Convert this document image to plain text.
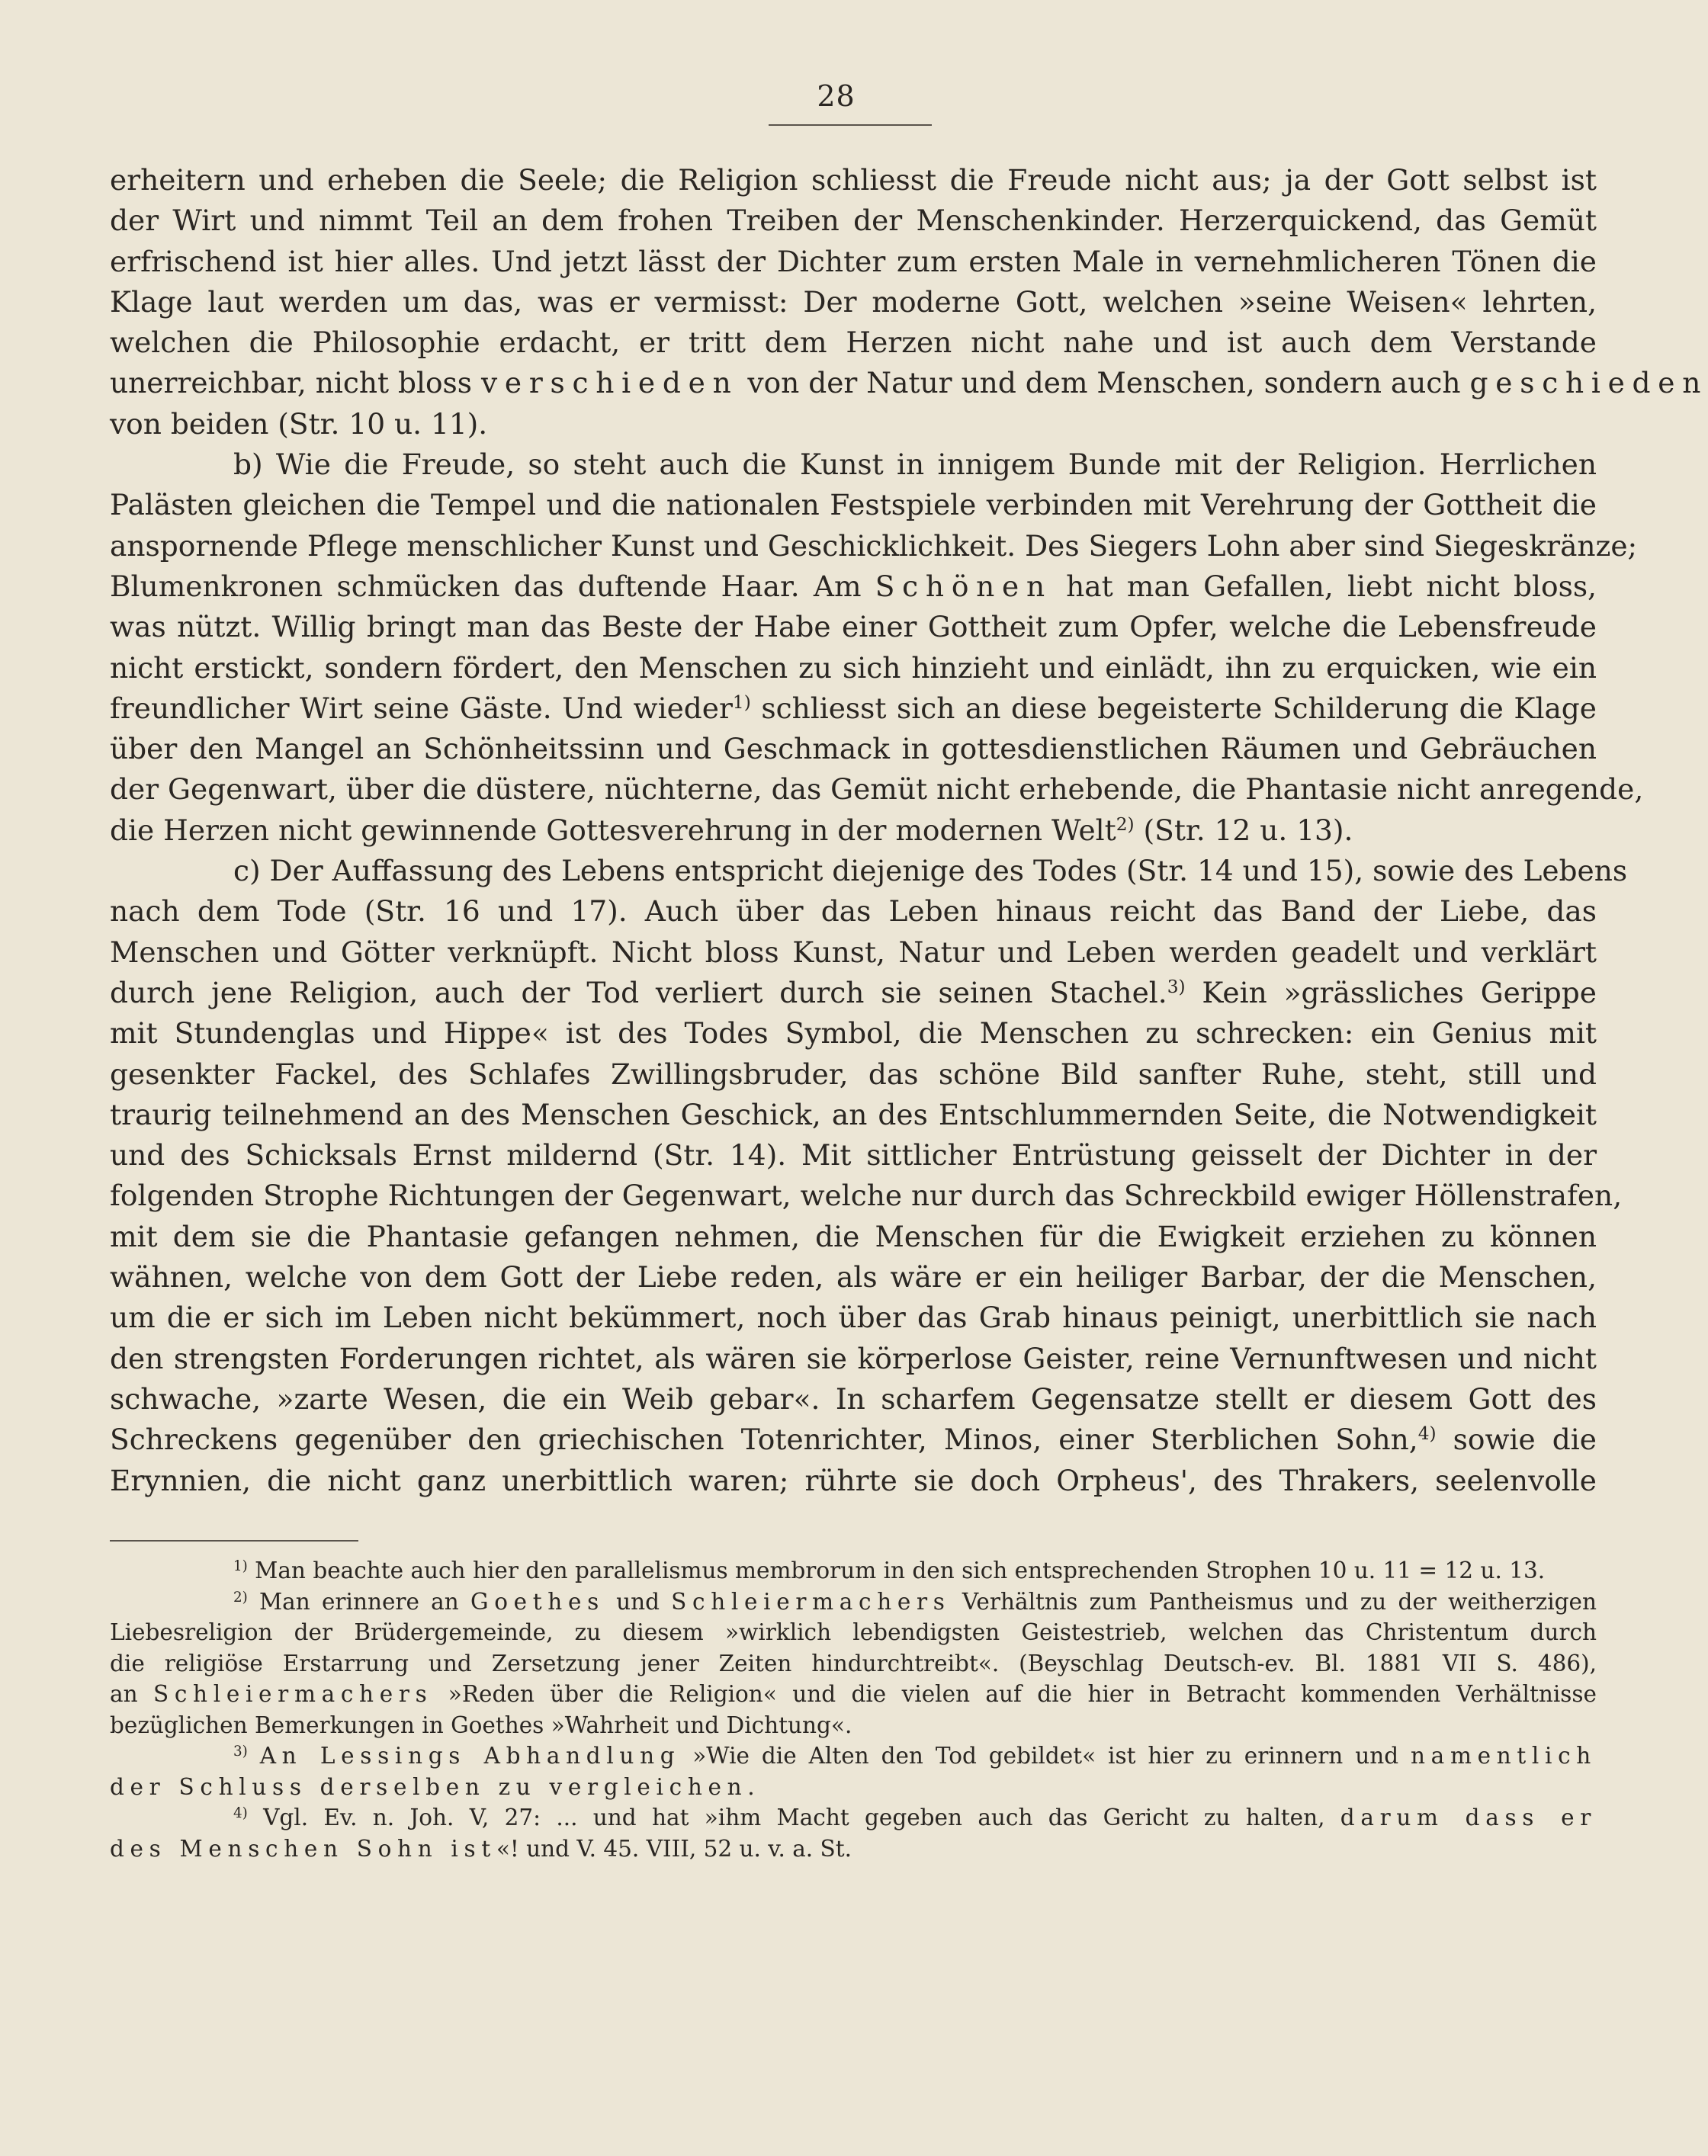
28
erheitern und erheben die Seele; die Religion schliesst die Freude nicht aus; ja der Gott selbst ist
der Wirt und nimmt Teil an dem frohen Treiben der Menschenkinder. Herzerquickend, das Gemüt
erfrischend ist hier alles. Und jetzt lässt der Dichter zum ersten Male in vernehmlicheren Tönen die
Klage laut werden um das, was er vermisst: Der moderne Gott, welchen »seine Weisen« lehrten,
welchen die Philosophie erdacht, er tritt dem Herzen nicht nahe und ist auch dem Verstande
unerreichbar, nicht bloss verschieden von der Natur und dem Menschen, sondern auch geschieden
von beiden (Str. 10 u. 11).
b) Wie die Freude, so steht auch die Kunst in innigem Bunde mit der Religion. Herrlichen
Palästen gleichen die Tempel und die nationalen Festspiele verbinden mit Verehrung der Gottheit die
anspornende Pflege menschlicher Kunst und Geschicklichkeit. Des Siegers Lohn aber sind Siegeskränze;
Blumenkronen schmücken das duftende Haar. Am Schönen hat man Gefallen, liebt nicht bloss,
was nützt. Willig bringt man das Beste der Habe einer Gottheit zum Opfer, welche die Lebensfreude
nicht erstickt, sondern fördert, den Menschen zu sich hinzieht und einlädt, ihn zu erquicken, wie ein
freundlicher Wirt seine Gäste. Und wieder$^{1)}$ schliesst sich an diese begeisterte Schilderung die Klage
über den Mangel an Schönheitssinn und Geschmack in gottesdienstlichen Räumen und Gebräuchen
der Gegenwart, über die düstere, nüchterne, das Gemüt nicht erhebende, die Phantasie nicht anregende,
die Herzen nicht gewinnende Gottesverehrung in der modernen Welt$^{2)}$ (Str. 12 u. 13).
c) Der Auffassung des Lebens entspricht diejenige des Todes (Str. 14 und 15), sowie des Lebens
nach dem Tode (Str. 16 und 17). Auch über das Leben hinaus reicht das Band der Liebe, das
Menschen und Götter verknüpft. Nicht bloss Kunst, Natur und Leben werden geadelt und verklärt
durch jene Religion, auch der Tod verliert durch sie seinen Stachel.$^{3)}$ Kein »grässliches Gerippe
mit Stundenglas und Hippe« ist des Todes Symbol, die Menschen zu schrecken: ein Genius mit
gesenkter Fackel, des Schlafes Zwillingsbruder, das schöne Bild sanfter Ruhe, steht, still und
traurig teilnehmend an des Menschen Geschick, an des Entschlummernden Seite, die Notwendigkeit
und des Schicksals Ernst mildernd (Str. 14). Mit sittlicher Entrüstung geisselt der Dichter in der
folgenden Strophe Richtungen der Gegenwart, welche nur durch das Schreckbild ewiger Höllenstrafen,
mit dem sie die Phantasie gefangen nehmen, die Menschen für die Ewigkeit erziehen zu können
wähnen, welche von dem Gott der Liebe reden, als wäre er ein heiliger Barbar, der die Menschen,
um die er sich im Leben nicht bekümmert, noch über das Grab hinaus peinigt, unerbittlich sie nach
den strengsten Forderungen richtet, als wären sie körperlose Geister, reine Vernunftwesen und nicht
schwache, »zarte Wesen, die ein Weib gebar«. In scharfem Gegensatze stellt er diesem Gott des
Schreckens gegenüber den griechischen Totenrichter, Minos, einer Sterblichen Sohn,$^{4)}$ sowie die
Erynnien, die nicht ganz unerbittlich waren; rührte sie doch Orpheus', des Thrakers, seelenvolle
$^{1)}$ Man beachte auch hier den parallelismus membrorum in den sich entsprechenden Strophen 10 u. 11 = 12 u. 13.
$^{2)}$ Man erinnere an Goethes und Schleiermachers Verhältnis zum Pantheismus und zu der weitherzigen
Liebesreligion der Brüdergemeinde, zu diesem »wirklich lebendigsten Geistestrieb, welchen das Christentum durch
die religiöse Erstarrung und Zersetzung jener Zeiten hindurchtreibt«. (Beyschlag Deutsch-ev. Bl. 1881 VII S. 486),
an Schleiermachers »Reden über die Religion« und die vielen auf die hier in Betracht kommenden Verhältnisse
bezüglichen Bemerkungen in Goethes »Wahrheit und Dichtung«.
$^{3)}$ An Lessings Abhandlung »Wie die Alten den Tod gebildet« ist hier zu erinnern und namentlich
der Schluss derselben zu vergleichen.
$^{4)}$ Vgl. Ev. n. Joh. V, 27: ... und hat »ihm Macht gegeben auch das Gericht zu halten, darum dass er
des Menschen Sohn ist«! und V. 45. VIII, 52 u. v. a. St.
